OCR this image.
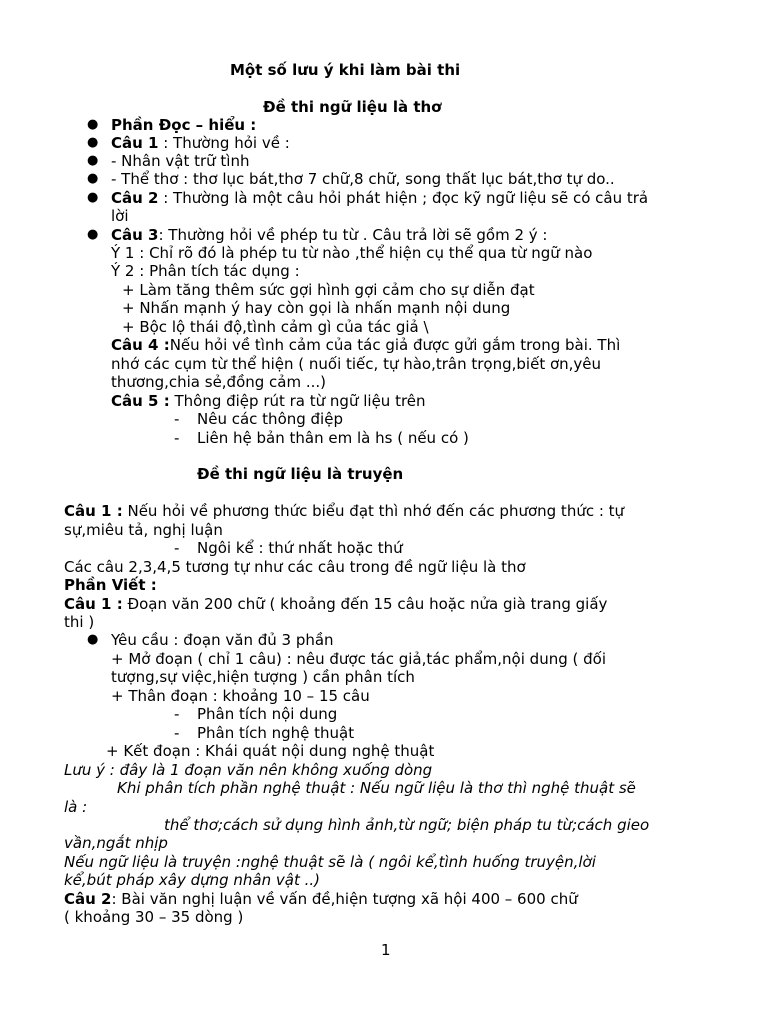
Một số lưu ý khi làm bài thi
Đề thi ngữ liệu là thơ
● Phần Đọc – hiểu :
● Câu 1 : Thường hỏi về :
● - Nhân vật trữ tình
● - Thể thơ : thơ lục bát,thơ 7 chữ,8 chữ, song thất lục bát,thơ tự do..
● Câu 2 : Thường là một câu hỏi phát hiện ; đọc kỹ ngữ liệu sẽ có câu trả
lời
● Câu 3: Thường hỏi về phép tu từ . Câu trả lời sẽ gồm 2 ý :
Ý 1 : Chỉ rõ đó là phép tu từ nào ,thể hiện cụ thể qua từ ngữ nào
Ý 2 : Phân tích tác dụng :
+ Làm tăng thêm sức gợi hình gợi cảm cho sự diễn đạt
+ Nhấn mạnh ý hay còn gọi là nhấn mạnh nội dung
+ Bộc lộ thái độ,tình cảm gì của tác giả \
Câu 4 :Nếu hỏi về tình cảm của tác giả được gửi gắm trong bài. Thì
nhớ các cụm từ thể hiện ( nuối tiếc, tự hào,trân trọng,biết ơn,yêu
thương,chia sẻ,đồng cảm ...)
Câu 5 : Thông điệp rút ra từ ngữ liệu trên
- Nêu các thông điệp
- Liên hệ bản thân em là hs ( nếu có )
Đề thi ngữ liệu là truyện
Câu 1 : Nếu hỏi về phương thức biểu đạt thì nhớ đến các phương thức : tự
sự,miêu tả, nghị luận
- Ngôi kể : thứ nhất hoặc thứ
Các câu 2,3,4,5 tương tự như các câu trong đề ngữ liệu là thơ
Phần Viết :
Câu 1 : Đoạn văn 200 chữ ( khoảng đến 15 câu hoặc nửa già trang giấy
thi )
● Yêu cầu : đoạn văn đủ 3 phần
+ Mở đoạn ( chỉ 1 câu) : nêu được tác giả,tác phẩm,nội dung ( đối
tượng,sự việc,hiện tượng ) cần phân tích
+ Thân đoạn : khoảng 10 – 15 câu
- Phân tích nội dung
- Phân tích nghệ thuật
+ Kết đoạn : Khái quát nội dung nghệ thuật
Lưu ý : đây là 1 đoạn văn nên không xuống dòng
Khi phân tích phần nghệ thuật : Nếu ngữ liệu là thơ thì nghệ thuật sẽ
là :
thể thơ;cách sử dụng hình ảnh,từ ngữ; biện pháp tu từ;cách gieo
vần,ngắt nhịp
Nếu ngữ liệu là truyện :nghệ thuật sẽ là ( ngôi kể,tình huống truyện,lời
kể,bút pháp xây dựng nhân vật ..)
Câu 2: Bài văn nghị luận về vấn đề,hiện tượng xã hội 400 – 600 chữ
( khoảng 30 – 35 dòng )
1
